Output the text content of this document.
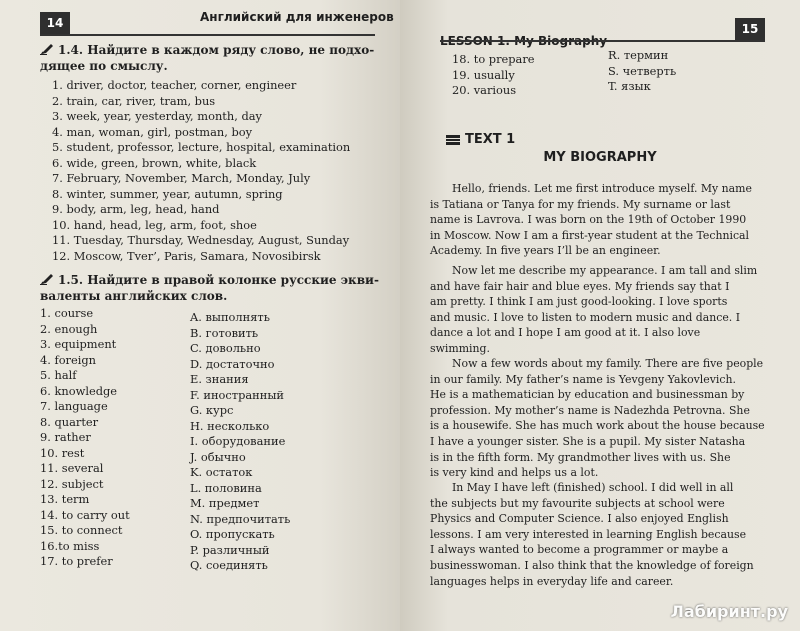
14	Английский для инженеров
1.4. Найдите в каждом ряду слово, не подхо-
дящее по смыслу.
1. driver, doctor, teacher, corner, engineer
2. train, car, river, tram, bus
3. week, year, yesterday, month, day
4. man, woman, girl, postman, boy
5. student, professor, lecture, hospital, examination
6. wide, green, brown, white, black
7. February, November, March, Monday, July
8. winter, summer, year, autumn, spring
9. body, arm, leg, head, hand
10. hand, head, leg, arm, foot, shoe
11. Tuesday, Thursday, Wednesday, August, Sunday
12. Moscow, Tver’, Paris, Samara, Novosibirsk
1.5. Найдите в правой колонке русские экви-
валенты английских слов.
1. course
2. enough
3. equipment
4. foreign
5. half
6. knowledge
7. language
8. quarter
9. rather
10. rest
11. several
12. subject
13. term
14. to carry out
15. to connect
16.to miss
17. to prefer
A. выполнять
B. готовить
C. довольно
D. достаточно
E. знания
F. иностранный
G. курс
H. несколько
I. оборудование
J. обычно
K. остаток
L. половина
M. предмет
N. предпочитать
O. пропускать
P. различный
Q. соединять
15
18. to prepare
19. usually
20. various
R. термин
S. четверть
T. язык
TEXT 1
MY BIOGRAPHY
Hello, friends. Let me first introduce myself. My name
is Tatiana or Tanya for my friends. My surname or last
name is Lavrova. I was born on the 19th of October 1990
in Moscow. Now I am a first-year student at the Technical
Academy. In five years I’ll be an engineer.
Now let me describe my appearance. I am tall and slim
and have fair hair and blue eyes. My friends say that I
am pretty. I think I am just good-looking. I love sports
and music. I love to listen to modern music and dance. I
dance a lot and I hope I am good at it. I also love
swimming.
Now a few words about my family. There are five people
in our family. My father’s name is Yevgeny Yakovlevich.
He is a mathematician by education and businessman by
profession. My mother’s name is Nadezhda Petrovna. She
is a housewife. She has much work about the house because
I have a younger sister. She is a pupil. My sister Natasha
is in the fifth form. My grandmother lives with us. She
is very kind and helps us a lot.
In May I have left (finished) school. I did well in all
the subjects but my favourite subjects at school were
Physics and Computer Science. I also enjoyed English
lessons. I am very interested in learning English because
I always wanted to become a programmer or maybe a
businesswoman. I also think that the knowledge of foreign
languages helps in everyday life and career.
Лабиринт.ру
